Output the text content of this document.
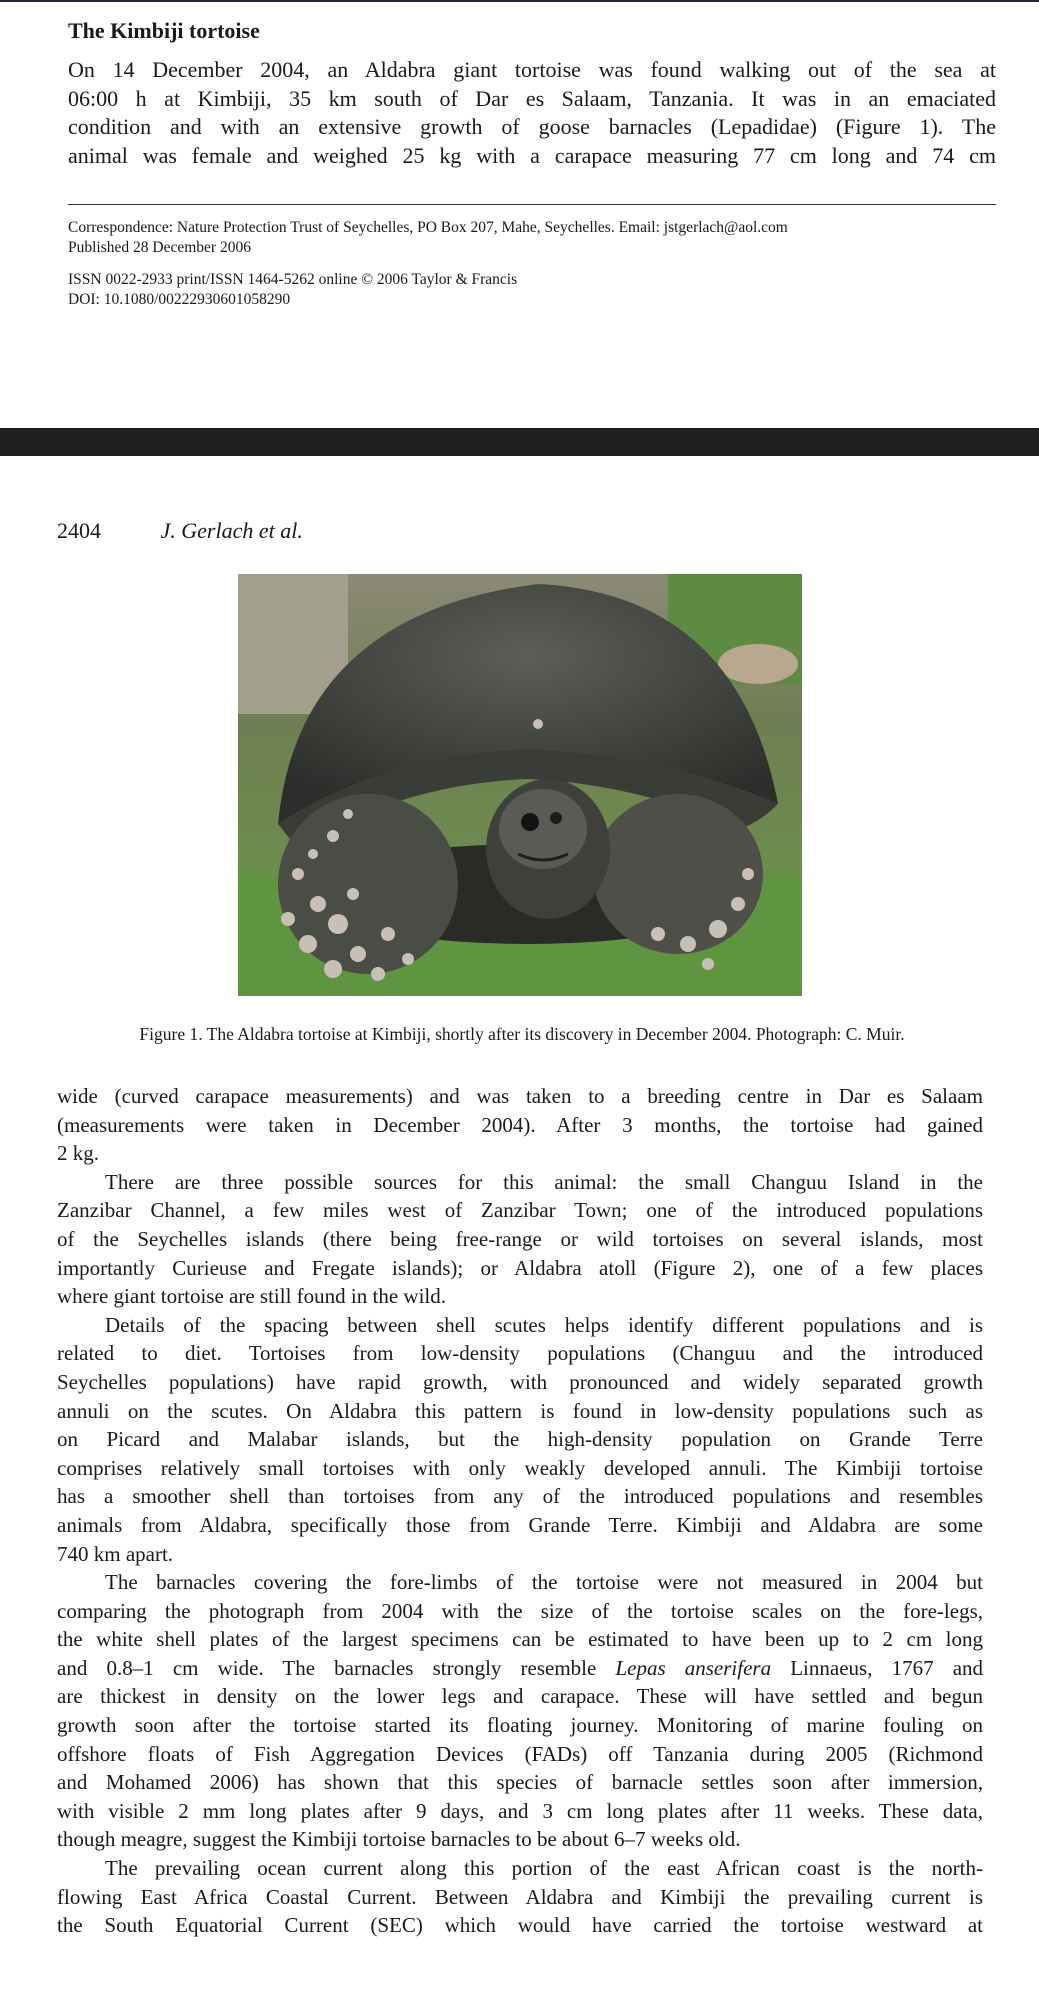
The Kimbiji tortoise
On 14 December 2004, an Aldabra giant tortoise was found walking out of the sea at
06:00 h at Kimbiji, 35 km south of Dar es Salaam, Tanzania. It was in an emaciated
condition and with an extensive growth of goose barnacles (Lepadidae) (Figure 1). The
animal was female and weighed 25 kg with a carapace measuring 77 cm long and 74 cm

Correspondence: Nature Protection Trust of Seychelles, PO Box 207, Mahe, Seychelles. Email: jstgerlach@aol.com

Published 28 December 2006

ISSN 0022-2933 print/ISSN 1464-5262 online © 2006 Taylor & Francis

DOI: 10.1080/00222930601058290

2404	J. Gerlach et al.
Figure 1. The Aldabra tortoise at Kimbiji, shortly after its discovery in December 2004. Photograph: C. Muir.
wide (curved carapace measurements) and was taken to a breeding centre in Dar es Salaam
(measurements were taken in December 2004). After 3 months, the tortoise had gained
2 kg.
There are three possible sources for this animal: the small Changuu Island in the
Zanzibar Channel, a few miles west of Zanzibar Town; one of the introduced populations
of the Seychelles islands (there being free-range or wild tortoises on several islands, most
importantly Curieuse and Fregate islands); or Aldabra atoll (Figure 2), one of a few places
where giant tortoise are still found in the wild.
Details of the spacing between shell scutes helps identify different populations and is
related to diet. Tortoises from low-density populations (Changuu and the introduced
Seychelles populations) have rapid growth, with pronounced and widely separated growth
annuli on the scutes. On Aldabra this pattern is found in low-density populations such as
on Picard and Malabar islands, but the high-density population on Grande Terre
comprises relatively small tortoises with only weakly developed annuli. The Kimbiji tortoise
has a smoother shell than tortoises from any of the introduced populations and resembles
animals from Aldabra, specifically those from Grande Terre. Kimbiji and Aldabra are some
740 km apart.
The barnacles covering the fore-limbs of the tortoise were not measured in 2004 but
comparing the photograph from 2004 with the size of the tortoise scales on the fore-legs,
the white shell plates of the largest specimens can be estimated to have been up to 2 cm long
and 0.8–1 cm wide. The barnacles strongly resemble Lepas anserifera Linnaeus, 1767 and
are thickest in density on the lower legs and carapace. These will have settled and begun
growth soon after the tortoise started its floating journey. Monitoring of marine fouling on
offshore floats of Fish Aggregation Devices (FADs) off Tanzania during 2005 (Richmond
and Mohamed 2006) has shown that this species of barnacle settles soon after immersion,
with visible 2 mm long plates after 9 days, and 3 cm long plates after 11 weeks. These data,
though meagre, suggest the Kimbiji tortoise barnacles to be about 6–7 weeks old.
The prevailing ocean current along this portion of the east African coast is the north-
flowing East Africa Coastal Current. Between Aldabra and Kimbiji the prevailing current is
the South Equatorial Current (SEC) which would have carried the tortoise westward at
